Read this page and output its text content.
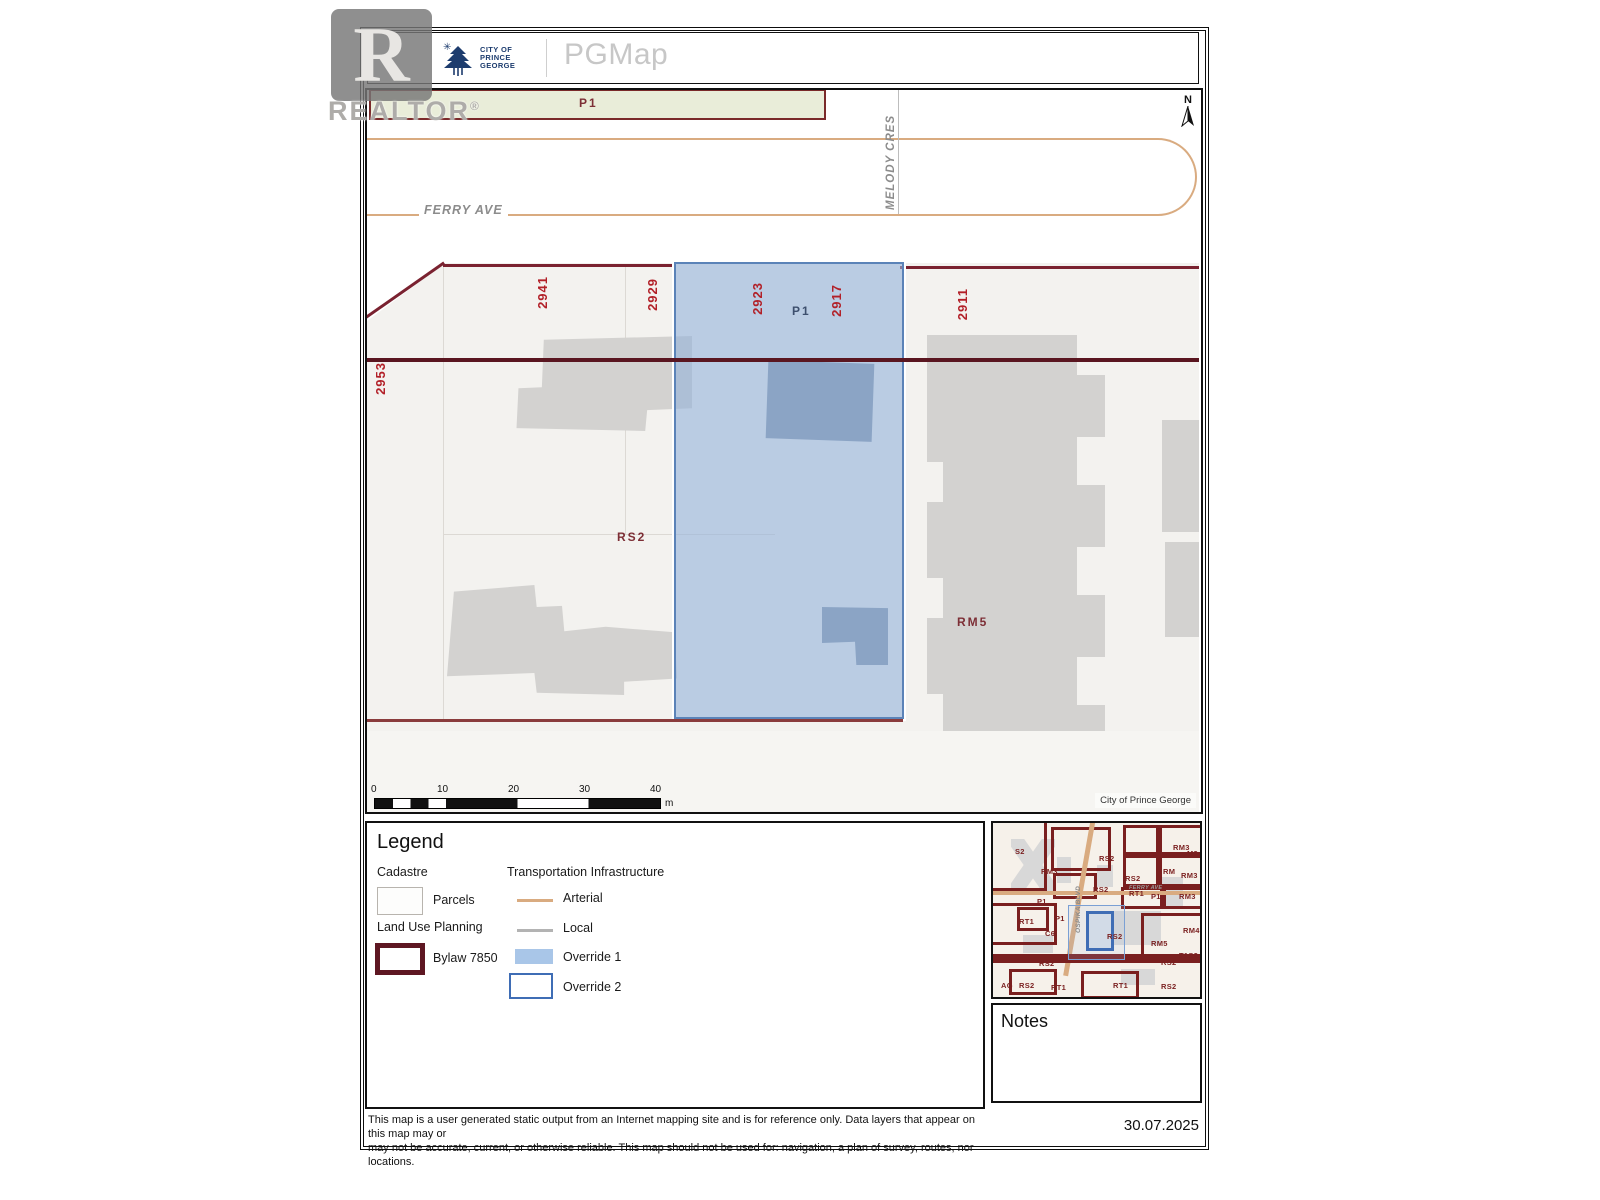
✳	CITY OF
PRINCE
GEORGE PGMap
P1
FERRY AVE	MELODY CRES
N
2953
2941	2929	2923	2917	2911
P1
RS2
RM5
0	10	20	30	40
m	City of Prince George
Legend
Cadastre
Parcels
Land Use Planning
Bylaw 7850
Transportation Infrastructure
Arterial
Local
Override 1
Override 2
S2
RM3
RS2
RS2
RM3
M3
RM RM3
RS2	RT1 P1 RM3
P1
RT1	P1
C6	RS2
RM5
RM4
RS2	RS2
T1S2
RS2 RT1
AG	RT1	RS2
OSPIKA BLVD	FERRY AVE
Notes
This map is a user generated static output from an Internet mapping site and is for reference only. Data layers that appear on this map may or
may not be accurate, current, or otherwise reliable. This map should not be used for: navigation, a plan of survey, routes, nor locations.
30.07.2025
R
REALTOR®
